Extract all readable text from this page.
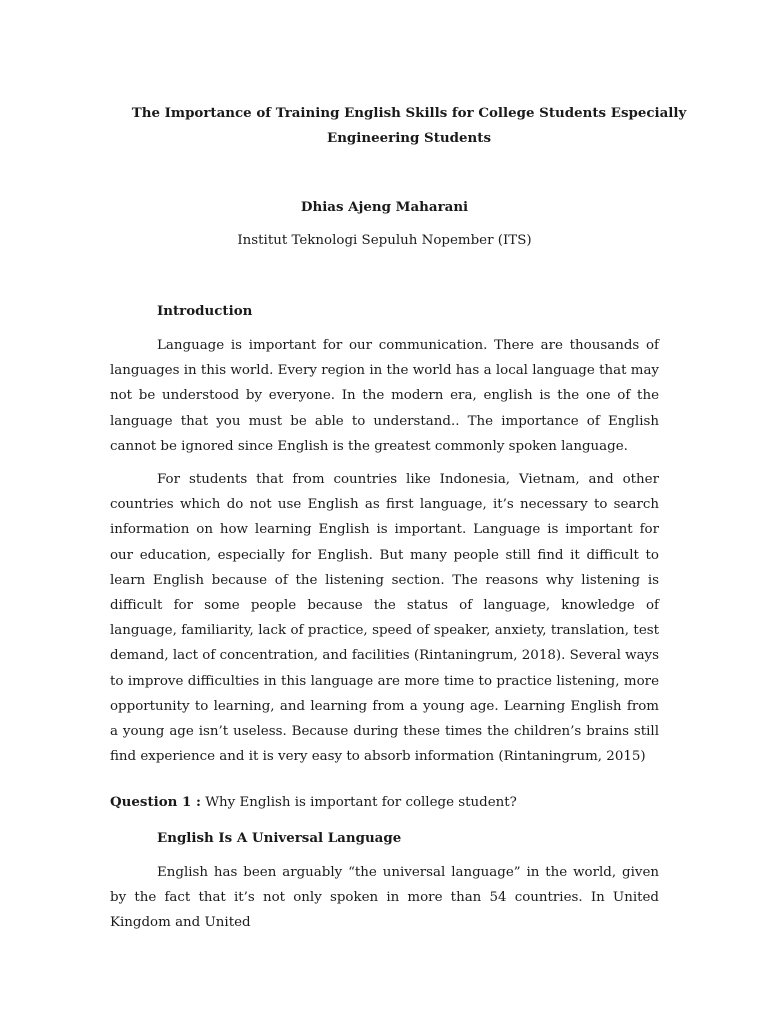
The Importance of Training English Skills for College Students Especially
Engineering Students
Dhias Ajeng Maharani
Institut Teknologi Sepuluh Nopember (ITS)
Introduction

Language is important for our communication. There are thousands of languages in this world. Every region in the world has a local language that may not be understood by everyone. In the modern era, english is the one of the language that you must be able to understand.. The importance of English cannot be ignored since English is the greatest commonly spoken language.

For students that from countries like Indonesia, Vietnam, and other countries which do not use English as first language, it’s necessary to search information on how learning English is important. Language is important for our education, especially for English. But many people still find it difficult to learn English because of the listening section. The reasons why listening is difficult for some people because the status of language, knowledge of language, familiarity, lack of practice, speed of speaker, anxiety, translation, test demand, lact of concentration, and facilities (Rintaningrum, 2018). Several ways to improve difficulties in this language are more time to practice listening, more opportunity to learning, and learning from a young age. Learning English from a young age isn’t useless. Because during these times the children’s brains still find experience and it is very easy to absorb information (Rintaningrum, 2015)

Question 1 : Why English is important for college student?
English Is A Universal Language

English has been arguably “the universal language” in the world, given by the fact that it’s not only spoken in more than 54 countries. In United Kingdom and United
